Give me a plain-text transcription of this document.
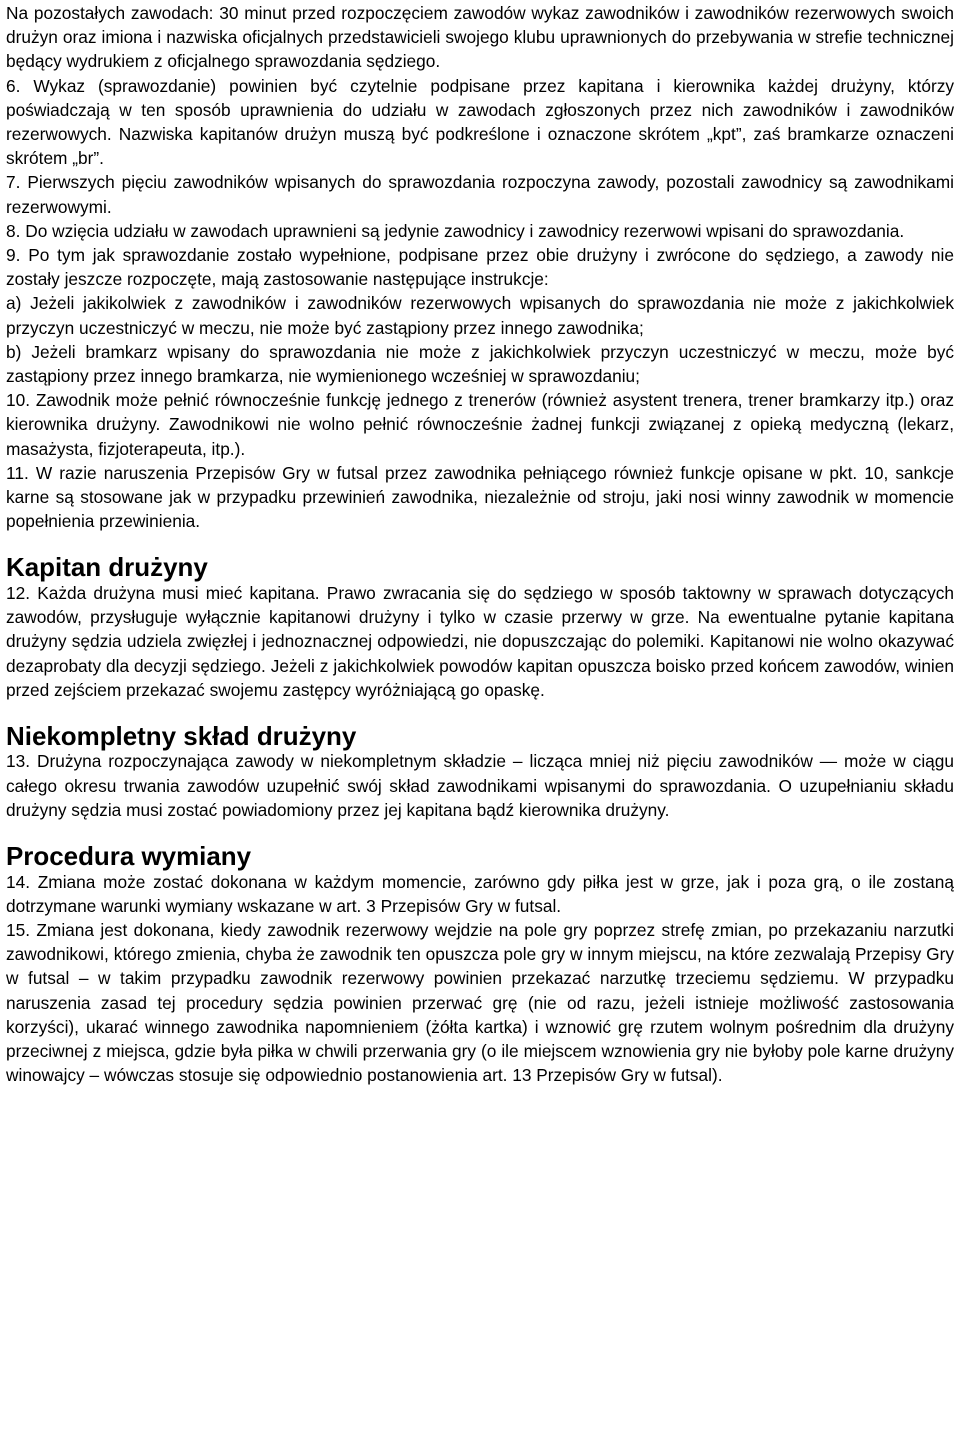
Na pozostałych zawodach: 30 minut przed rozpoczęciem zawodów wykaz zawodników i zawodników rezerwowych swoich drużyn oraz imiona i nazwiska oficjalnych przedstawicieli swojego klubu uprawnionych do przebywania w strefie technicznej będący wydrukiem z oficjalnego sprawozdania sędziego.

6. Wykaz (sprawozdanie) powinien być czytelnie podpisane przez kapitana i kierownika każdej drużyny, którzy poświadczają w ten sposób uprawnienia do udziału w zawodach zgłoszonych przez nich zawodników i zawodników rezerwowych. Nazwiska kapitanów drużyn muszą być podkreślone i oznaczone skrótem „kpt”, zaś bramkarze oznaczeni skrótem „br”.

7. Pierwszych pięciu zawodników wpisanych do sprawozdania rozpoczyna zawody, pozostali zawodnicy są zawodnikami rezerwowymi.

8. Do wzięcia udziału w zawodach uprawnieni są jedynie zawodnicy i zawodnicy rezerwowi wpisani do sprawozdania.

9. Po tym jak sprawozdanie zostało wypełnione, podpisane przez obie drużyny i zwrócone do sędziego, a zawody nie zostały jeszcze rozpoczęte, mają zastosowanie następujące instrukcje:

a) Jeżeli jakikolwiek z zawodników i zawodników rezerwowych wpisanych do sprawozdania nie może z jakichkolwiek przyczyn uczestniczyć w meczu, nie może być zastąpiony przez innego zawodnika;

b) Jeżeli bramkarz wpisany do sprawozdania nie może z jakichkolwiek przyczyn uczestniczyć w meczu, może być zastąpiony przez innego bramkarza, nie wymienionego wcześniej w sprawozdaniu;

10. Zawodnik może pełnić równocześnie funkcję jednego z trenerów (również asystent trenera, trener bramkarzy itp.) oraz kierownika drużyny. Zawodnikowi nie wolno pełnić równocześnie żadnej funkcji związanej z opieką medyczną (lekarz, masażysta, fizjoterapeuta, itp.).

11. W razie naruszenia Przepisów Gry w futsal przez zawodnika pełniącego również funkcje opisane w pkt. 10, sankcje karne są stosowane jak w przypadku przewinień zawodnika, niezależnie od stroju, jaki nosi winny zawodnik w momencie popełnienia przewinienia.

Kapitan drużyny

12. Każda drużyna musi mieć kapitana. Prawo zwracania się do sędziego w sposób taktowny w sprawach dotyczących zawodów, przysługuje wyłącznie kapitanowi drużyny i tylko w czasie przerwy w grze. Na ewentualne pytanie kapitana drużyny sędzia udziela zwięzłej i jednoznacznej odpowiedzi, nie dopuszczając do polemiki. Kapitanowi nie wolno okazywać dezaprobaty dla decyzji sędziego. Jeżeli z jakichkolwiek powodów kapitan opuszcza boisko przed końcem zawodów, winien przed zejściem przekazać swojemu zastępcy wyróżniającą go opaskę.

Niekompletny skład drużyny

13. Drużyna rozpoczynająca zawody w niekompletnym składzie – licząca mniej niż pięciu zawodników — może w ciągu całego okresu trwania zawodów uzupełnić swój skład zawodnikami wpisanymi do sprawozdania. O uzupełnianiu składu drużyny sędzia musi zostać powiadomiony przez jej kapitana bądź kierownika drużyny.

Procedura wymiany

14. Zmiana może zostać dokonana w każdym momencie, zarówno gdy piłka jest w grze, jak i poza grą, o ile zostaną dotrzymane warunki wymiany wskazane w art. 3 Przepisów Gry w futsal.

15. Zmiana jest dokonana, kiedy zawodnik rezerwowy wejdzie na pole gry poprzez strefę zmian, po przekazaniu narzutki zawodnikowi, którego zmienia, chyba że zawodnik ten opuszcza pole gry w innym miejscu, na które zezwalają Przepisy Gry w futsal – w takim przypadku zawodnik rezerwowy powinien przekazać narzutkę trzeciemu sędziemu. W przypadku naruszenia zasad tej procedury sędzia powinien przerwać grę (nie od razu, jeżeli istnieje możliwość zastosowania korzyści), ukarać winnego zawodnika napomnieniem (żółta kartka) i wznowić grę rzutem wolnym pośrednim dla drużyny przeciwnej z miejsca, gdzie była piłka w chwili przerwania gry (o ile miejscem wznowienia gry nie byłoby pole karne drużyny winowajcy – wówczas stosuje się odpowiednio postanowienia art. 13 Przepisów Gry w futsal).
